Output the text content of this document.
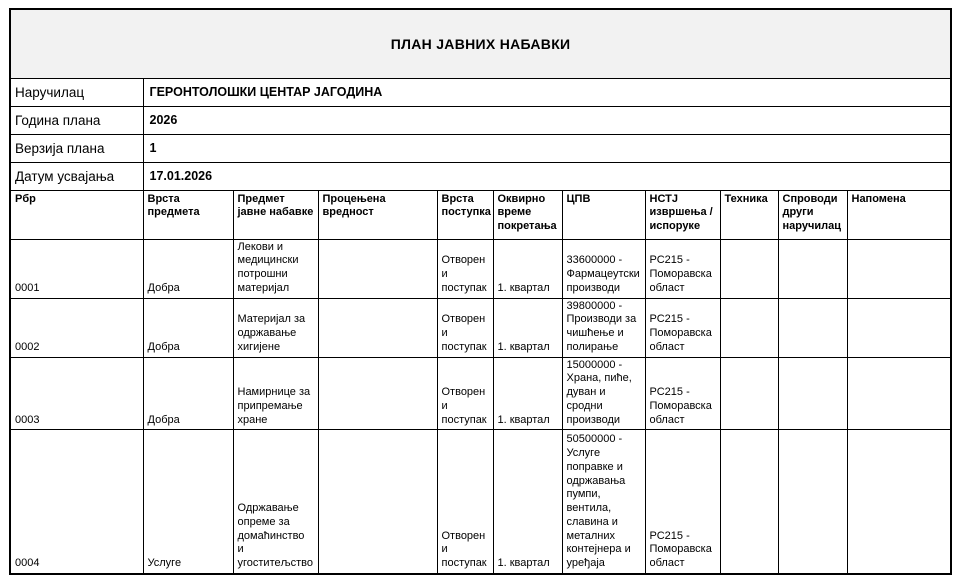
ПЛАН ЈАВНИХ НАБАВКИ										
Наручилац	ГЕРОНТОЛОШКИ ЦЕНТАР ЈАГОДИНА									
Година плана	2026									
Верзија плана	1									
Датум усвајања	17.01.2026									
Рбр	Врста предмета	Предмет јавне набавке	Процењена вредност	Врста поступка	Оквирно време покретања	ЦПВ	НСТЈ извршења / испоруке	Техника	Спроводи други наручилац	Напомена
0001	Добра	Лекови и медицински потрошни материјал		Отворени поступак	1. квартал	33600000 - Фармацеутски производи	РС215 - Поморавска област			
0002	Добра	Материјал за одржавање хигијене		Отворени поступак	1. квартал	39800000 - Производи за чишћење и полирање	РС215 - Поморавска област			
0003	Добра	Намирнице за припремање хране		Отворени поступак	1. квартал	15000000 - Храна, пиће, дуван и сродни производи	РС215 - Поморавска област			
0004	Услуге	Одржавање опреме за домаћинство и угоститељство		Отворени поступак	1. квартал	50500000 - Услуге поправке и одржавања пумпи, вентила, славина и металних контејнера и уређаја	РС215 - Поморавска област			
